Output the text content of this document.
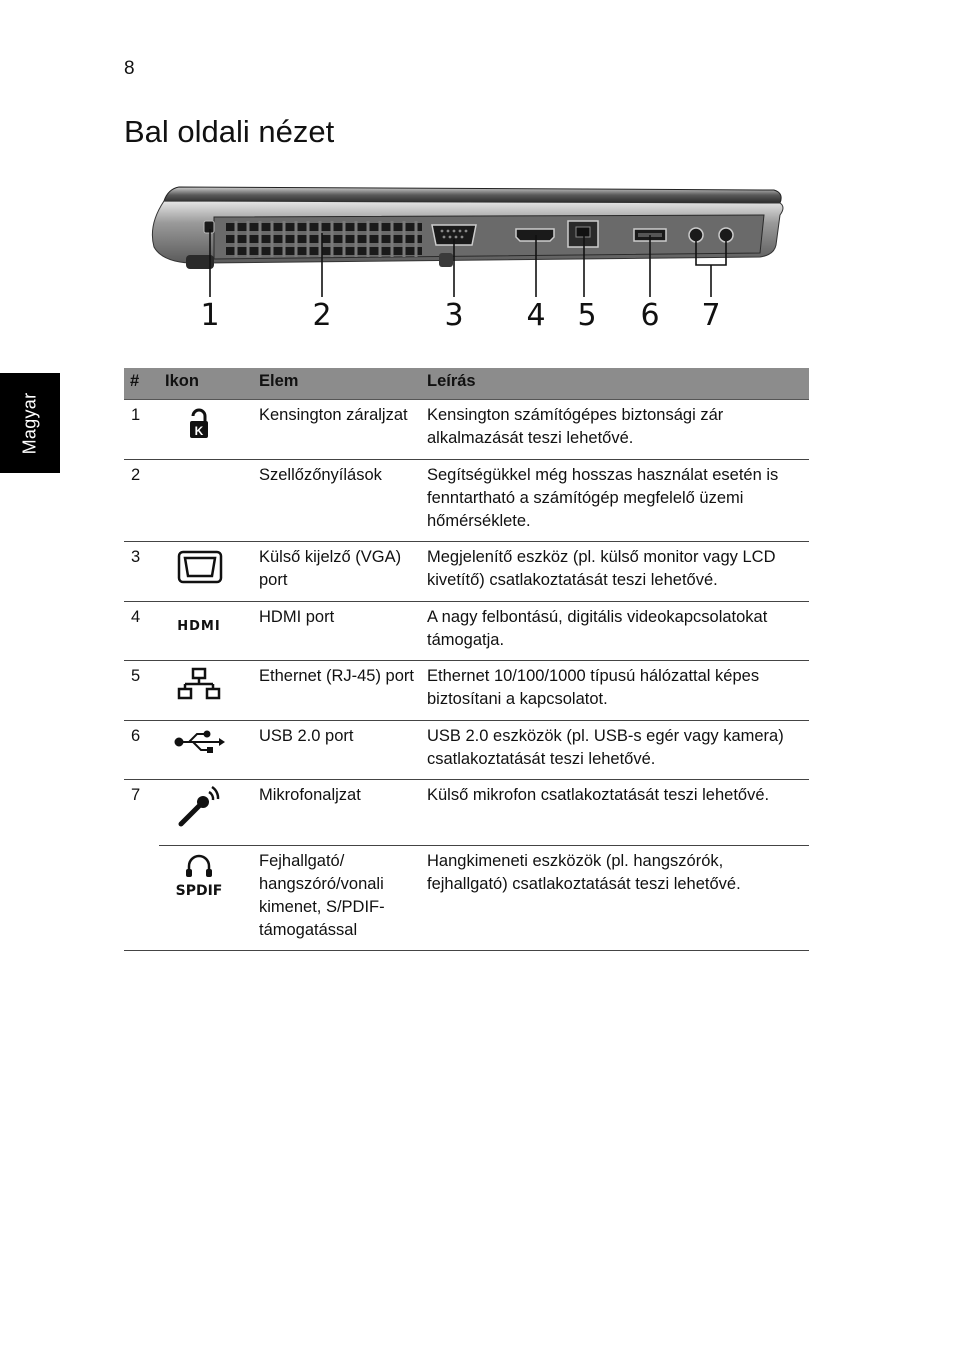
8
Bal oldali nézet
Magyar
1	2	3 4 5 6 7
#	Ikon	Elem	Leírás
1	K	Kensington záraljzat	Kensington számítógépes biztonsági zár alkalmazását teszi lehetővé.
2		Szellőzőnyílások	Segítségükkel még hosszas használat esetén is fenntartható a számítógép megfelelő üzemi hőmérséklete.
3		Külső kijelző (VGA) port	Megjelenítő eszköz (pl. külső monitor vagy LCD kivetítő) csatlakoztatását teszi lehetővé.
4	HDMI	HDMI port	A nagy felbontású, digitális videokapcsolatokat támogatja.
5		Ethernet (RJ-45) port	Ethernet 10/100/1000 típusú hálózattal képes biztosítani a kapcsolatot.
6		USB 2.0 port	USB 2.0 eszközök (pl. USB-s egér vagy kamera) csatlakoztatását teszi lehetővé.
7		Mikrofonaljzat	Külső mikrofon csatlakoztatását teszi lehetővé.

SPDIF	Fejhallgató/ hangszóró/vonali kimenet, S/PDIF-támogatással	Hangkimeneti eszközök (pl. hangszórók, fejhallgató) csatlakoztatását teszi lehetővé.
